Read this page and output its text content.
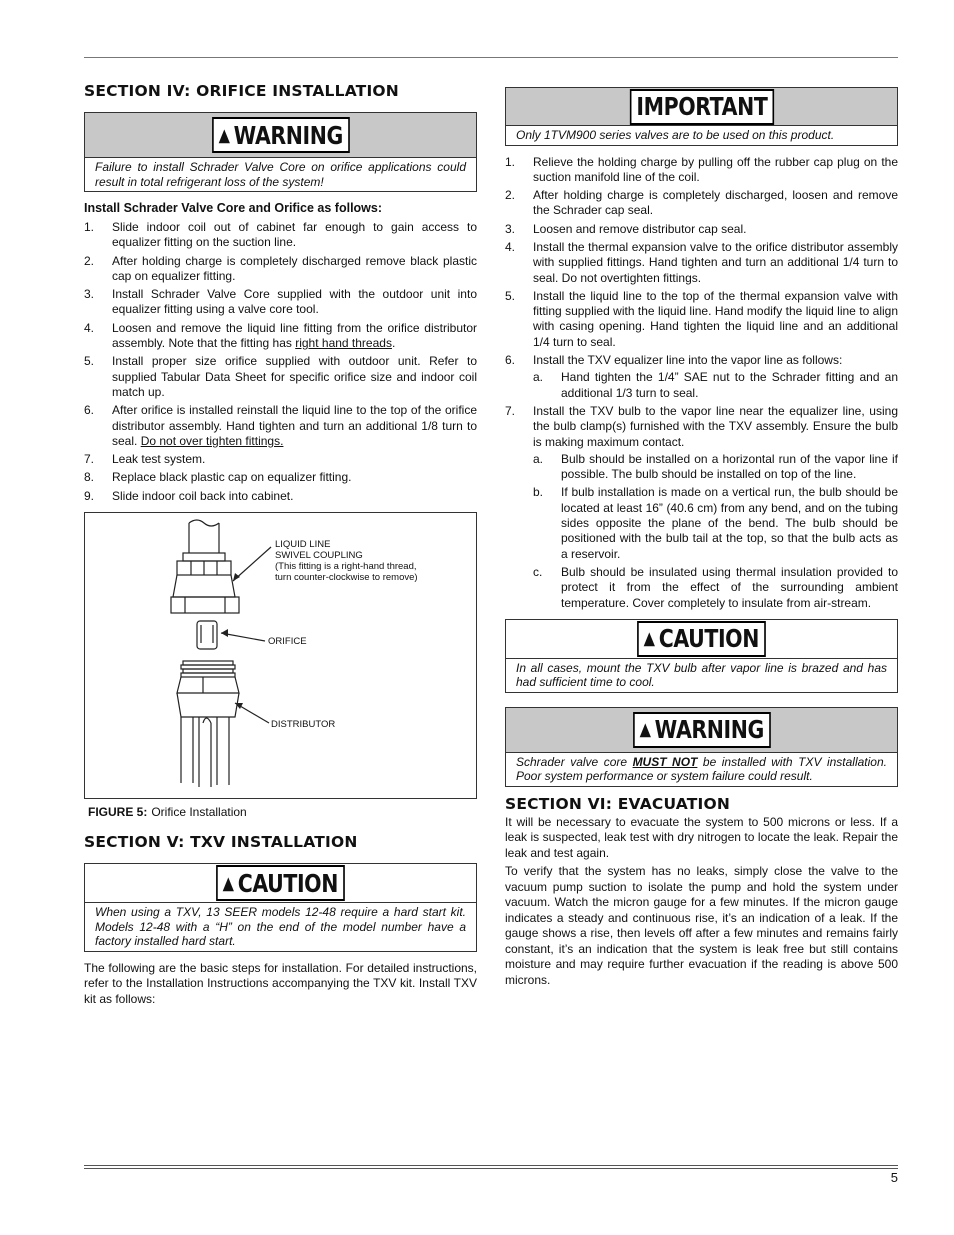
SECTION IV: ORIFICE INSTALLATION
▲ WARNING
Failure to install Schrader Valve Core on orifice applications could result in total refrigerant loss of the system!
Install Schrader Valve Core and Orifice as follows:
1. Slide indoor coil out of cabinet far enough to gain access to equalizer fitting on the suction line.
2. After holding charge is completely discharged remove black plastic cap on equalizer fitting.
3. Install Schrader Valve Core supplied with the outdoor unit into equalizer fitting using a valve core tool.
4. Loosen and remove the liquid line fitting from the orifice distributor assembly. Note that the fitting has right hand threads.
5. Install proper size orifice supplied with outdoor unit. Refer to supplied Tabular Data Sheet for specific orifice size and indoor coil match up.
6. After orifice is installed reinstall the liquid line to the top of the orifice distributor assembly. Hand tighten and turn an additional 1/8 turn to seal. Do not over tighten fittings.
7. Leak test system.
8. Replace black plastic cap on equalizer fitting.
9. Slide indoor coil back into cabinet.
LIQUID LINE
SWIVEL COUPLING
(This fitting is a right-hand thread,
turn counter-clockwise to remove)
ORIFICE
DISTRIBUTOR
FIGURE 5: Orifice Installation
SECTION V: TXV INSTALLATION
▲ CAUTION
When using a TXV, 13 SEER models 12-48 require a hard start kit. Models 12-48 with a “H” on the end of the model number have a factory installed hard start.

The following are the basic steps for installation. For detailed instructions, refer to the Installation Instructions accompanying the TXV kit. Install TXV kit as follows:

IMPORTANT
Only 1TVM900 series valves are to be used on this product.
1. Relieve the holding charge by pulling off the rubber cap plug on the suction manifold line of the coil.
2. After holding charge is completely discharged, loosen and remove the Schrader cap seal.
3. Loosen and remove distributor cap seal.
4. Install the thermal expansion valve to the orifice distributor assembly with supplied fittings. Hand tighten and turn an additional 1/4 turn to seal. Do not overtighten fittings.
5. Install the liquid line to the top of the thermal expansion valve with fitting supplied with the liquid line. Hand modify the liquid line to align with casing opening. Hand tighten the liquid line and an additional 1/4 turn to seal.
6. Install the TXV equalizer line into the vapor line as follows:
a. Hand tighten the 1/4” SAE nut to the Schrader fitting and an additional 1/3 turn to seal.
7. Install the TXV bulb to the vapor line near the equalizer line, using the bulb clamp(s) furnished with the TXV assembly. Ensure the bulb is making maximum contact.
a. Bulb should be installed on a horizontal run of the vapor line if possible. The bulb should be installed on top of the line.
b. If bulb installation is made on a vertical run, the bulb should be located at least 16” (40.6 cm) from any bend, and on the tubing sides opposite the plane of the bend. The bulb should be positioned with the bulb tail at the top, so that the bulb acts as a reservoir.
c. Bulb should be insulated using thermal insulation provided to protect it from the effect of the surrounding ambient temperature. Cover completely to insulate from air-stream.
▲ CAUTION
In all cases, mount the TXV bulb after vapor line is brazed and has had sufficient time to cool.
▲ WARNING
Schrader valve core MUST NOT be installed with TXV installation. Poor system performance or system failure could result.
SECTION VI: EVACUATION

It will be necessary to evacuate the system to 500 microns or less. If a leak is suspected, leak test with dry nitrogen to locate the leak. Repair the leak and test again.

To verify that the system has no leaks, simply close the valve to the vacuum pump suction to isolate the pump and hold the system under vacuum. Watch the micron gauge for a few minutes. If the micron gauge indicates a steady and continuous rise, it’s an indication of a leak. If the gauge shows a rise, then levels off after a few minutes and remains fairly constant, it’s an indication that the system is leak free but still contains moisture and may require further evacuation if the reading is above 500 microns.

5
